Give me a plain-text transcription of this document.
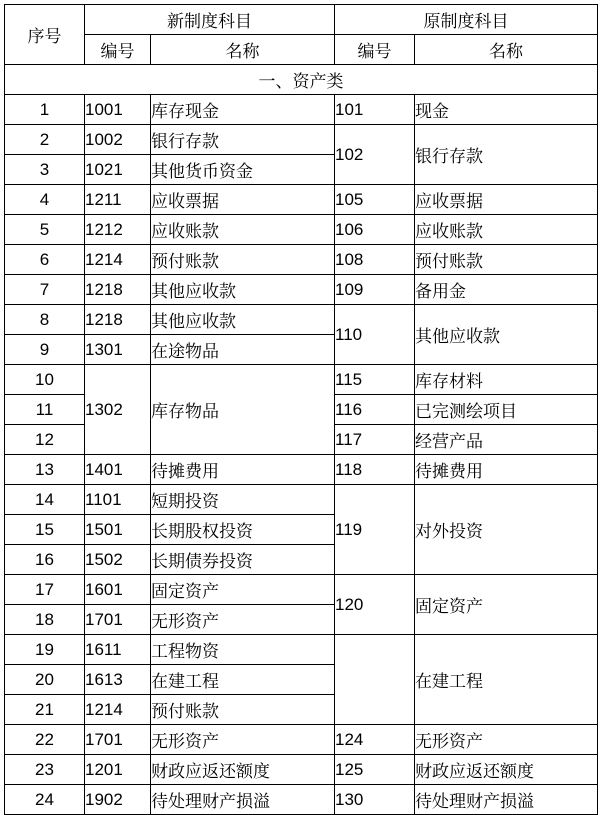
序号	新制度科目		原制度科目	
	编号	名称	编号	名称
一、资产类				
1	1001	库存现金	101	现金
2	1002	银行存款	102	银行存款
3	1021	其他货币资金		
4	1211	应收票据	105	应收票据
5	1212	应收账款	106	应收账款
6	1214	预付账款	108	预付账款
7	1218	其他应收款	109	备用金
8	1218	其他应收款	110	其他应收款
9	1301	在途物品		
10	1302	库存物品	115	库存材料
11			116	已完测绘项目
12			117	经营产品
13	1401	待摊费用	118	待摊费用
14	1101	短期投资	119	对外投资
15	1501	长期股权投资		
16	1502	长期债券投资		
17	1601	固定资产	120	固定资产
18	1701	无形资产		
19	1611	工程物资		在建工程
20	1613	在建工程		
21	1214	预付账款		
22	1701	无形资产	124	无形资产
23	1201	财政应返还额度	125	财政应返还额度
24	1902	待处理财产损溢	130	待处理财产损溢
